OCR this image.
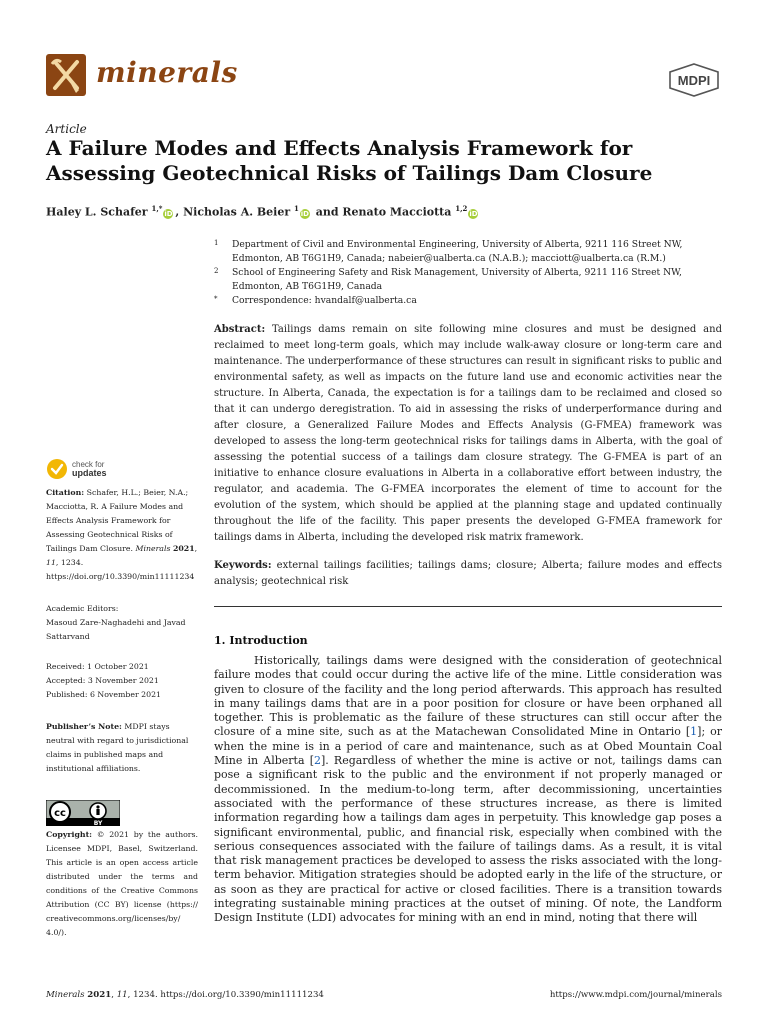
minerals	MDPI
Article
A Failure Modes and Effects Analysis Framework for Assessing Geotechnical Risks of Tailings Dam Closure
Haley L. Schafer $^{1,*}$iD , Nicholas A. Beier $^1$iD and Renato Macciotta $^{1,2}$iD
1 Department of Civil and Environmental Engineering, University of Alberta, 9211 116 Street NW, Edmonton, AB T6G1H9, Canada; nabeier@ualberta.ca (N.A.B.); macciott@ualberta.ca (R.M.)
2 School of Engineering Safety and Risk Management, University of Alberta, 9211 116 Street NW, Edmonton, AB T6G1H9, Canada
* Correspondence: hvandalf@ualberta.ca
Abstract: Tailings dams remain on site following mine closures and must be designed and reclaimed to meet long-term goals, which may include walk-away closure or long-term care and maintenance. The underperformance of these structures can result in significant risks to public and environmental safety, as well as impacts on the future land use and economic activities near the structure. In Alberta, Canada, the expectation is for a tailings dam to be reclaimed and closed so that it can undergo deregistration. To aid in assessing the risks of underperformance during and after closure, a Generalized Failure Modes and Effects Analysis (G-FMEA) framework was developed to assess the long-term geotechnical risks for tailings dams in Alberta, with the goal of assessing the potential success of a tailings dam closure strategy. The G-FMEA is part of an initiative to enhance closure evaluations in Alberta in a collaborative effort between industry, the regulator, and academia. The G-FMEA incorporates the element of time to account for the evolution of the system, which should be applied at the planning stage and updated continually throughout the life of the facility. This paper presents the developed G-FMEA framework for tailings dams in Alberta, including the developed risk matrix framework.
Keywords: external tailings facilities; tailings dams; closure; Alberta; failure modes and effects analysis; geotechnical risk
check for
updates
Citation: Schafer, H.L.; Beier, N.A.; Macciotta, R. A Failure Modes and Effects Analysis Framework for Assessing Geotechnical Risks of Tailings Dam Closure. Minerals 2021, 11, 1234. https://doi.org/10.3390/min11111234
Academic Editors:
Masoud Zare-Naghadehi and Javad Sattarvand
Received: 1 October 2021
Accepted: 3 November 2021
Published: 6 November 2021
Publisher’s Note: MDPI stays neutral with regard to jurisdictional claims in published maps and institutional affiliations.
cc
BY
Copyright: © 2021 by the authors. Licensee MDPI, Basel, Switzerland. This article is an open access article distributed under the terms and conditions of the Creative Commons Attribution (CC BY) license (https:// creativecommons.org/licenses/by/ 4.0/).
1. Introduction
Historically, tailings dams were designed with the consideration of geotechnical failure modes that could occur during the active life of the mine. Little consideration was given to closure of the facility and the long period afterwards. This approach has resulted in many tailings dams that are in a poor position for closure or have been orphaned all together. This is problematic as the failure of these structures can still occur after the closure of a mine site, such as at the Matachewan Consolidated Mine in Ontario [1]; or when the mine is in a period of care and maintenance, such as at Obed Mountain Coal Mine in Alberta [2]. Regardless of whether the mine is active or not, tailings dams can pose a significant risk to the public and the environment if not properly managed or decommissioned. In the medium-to-long term, after decommissioning, uncertainties associated with the performance of these structures increase, as there is limited information regarding how a tailings dam ages in perpetuity. This knowledge gap poses a significant environmental, public, and financial risk, especially when combined with the serious consequences associated with the failure of tailings dams. As a result, it is vital that risk management practices be developed to assess the risks associated with the long-term behavior. Mitigation strategies should be adopted early in the life of the structure, or as soon as they are practical for active or closed facilities. There is a transition towards integrating sustainable mining practices at the outset of mining. Of note, the Landform Design Institute (LDI) advocates for mining with an end in mind, noting that there will
Minerals 2021, 11, 1234. https://doi.org/10.3390/min11111234	https://www.mdpi.com/journal/minerals
